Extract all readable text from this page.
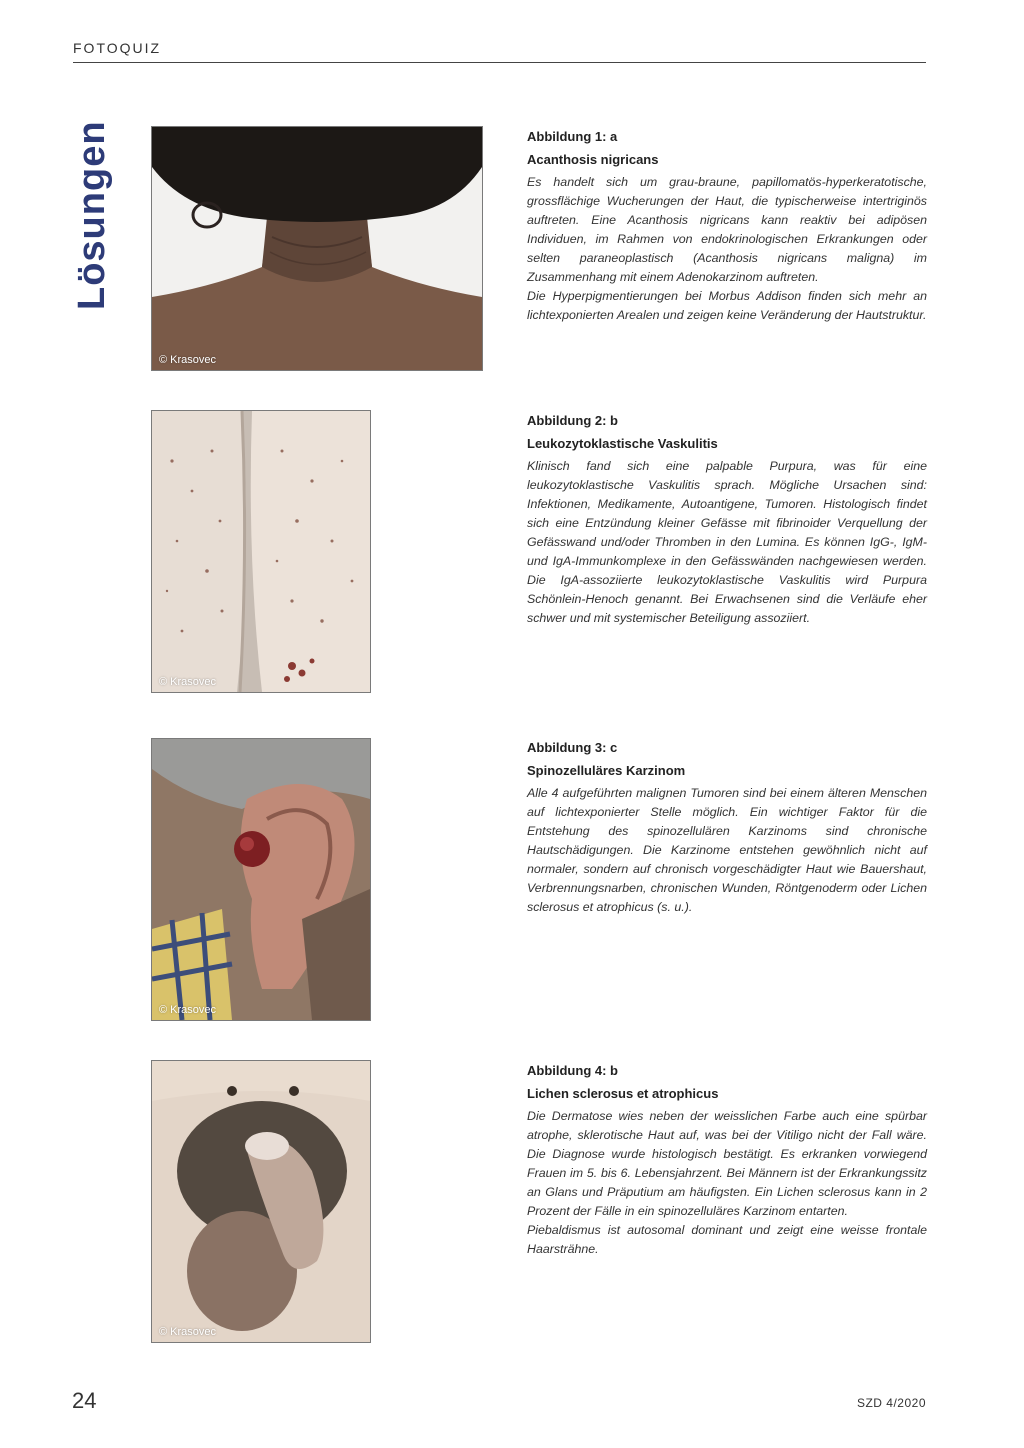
FOTOQUIZ
Lösungen
© Krasovec
Abbildung 1: a
Acanthosis nigricans

Es handelt sich um grau-braune, papillomatös-hyperkeratotische, grossflächige Wucherungen der Haut, die typischerweise intertriginös auftreten. Eine Acanthosis nigricans kann reaktiv bei adipösen Individuen, im Rahmen von endokrinologischen Erkrankungen oder selten paraneoplastisch (Acanthosis nigricans maligna) im Zusammenhang mit einem Adenokarzinom auftreten.

Die Hyperpigmentierungen bei Morbus Addison finden sich mehr an lichtexponierten Arealen und zeigen keine Veränderung der Hautstruktur.

© Krasovec
Abbildung 2: b
Leukozytoklastische Vaskulitis

Klinisch fand sich eine palpable Purpura, was für eine leukozytoklastische Vaskulitis sprach. Mögliche Ursachen sind: Infektionen, Medikamente, Autoantigene, Tumoren. Histologisch findet sich eine Entzündung kleiner Gefässe mit fibrinoider Verquellung der Gefässwand und/oder Thromben in den Lumina. Es können IgG-, IgM- und IgA-Immunkomplexe in den Gefässwänden nachgewiesen werden. Die IgA-assoziierte leukozytoklastische Vaskulitis wird Purpura Schönlein-Henoch genannt. Bei Erwachsenen sind die Verläufe eher schwer und mit systemischer Beteiligung assoziiert.

© Krasovec
Abbildung 3: c
Spinozelluläres Karzinom

Alle 4 aufgeführten malignen Tumoren sind bei einem älteren Menschen auf lichtexponierter Stelle möglich. Ein wichtiger Faktor für die Entstehung des spinozellulären Karzinoms sind chronische Hautschädigungen. Die Karzinome entstehen gewöhnlich nicht auf normaler, sondern auf chronisch vorgeschädigter Haut wie Bauershaut, Verbrennungsnarben, chronischen Wunden, Röntgenoderm oder Lichen sclerosus et atrophicus (s. u.).

© Krasovec
Abbildung 4: b
Lichen sclerosus et atrophicus

Die Dermatose wies neben der weisslichen Farbe auch eine spürbar atrophe, sklerotische Haut auf, was bei der Vitiligo nicht der Fall wäre. Die Diagnose wurde histologisch bestätigt. Es erkranken vorwiegend Frauen im 5. bis 6. Lebensjahrzent. Bei Männern ist der Erkrankungssitz an Glans und Präputium am häufigsten. Ein Lichen sclerosus kann in 2 Prozent der Fälle in ein spinozelluläres Karzinom entarten.

Piebaldismus ist autosomal dominant und zeigt eine weisse frontale Haarsträhne.

24	SZD 4/2020
